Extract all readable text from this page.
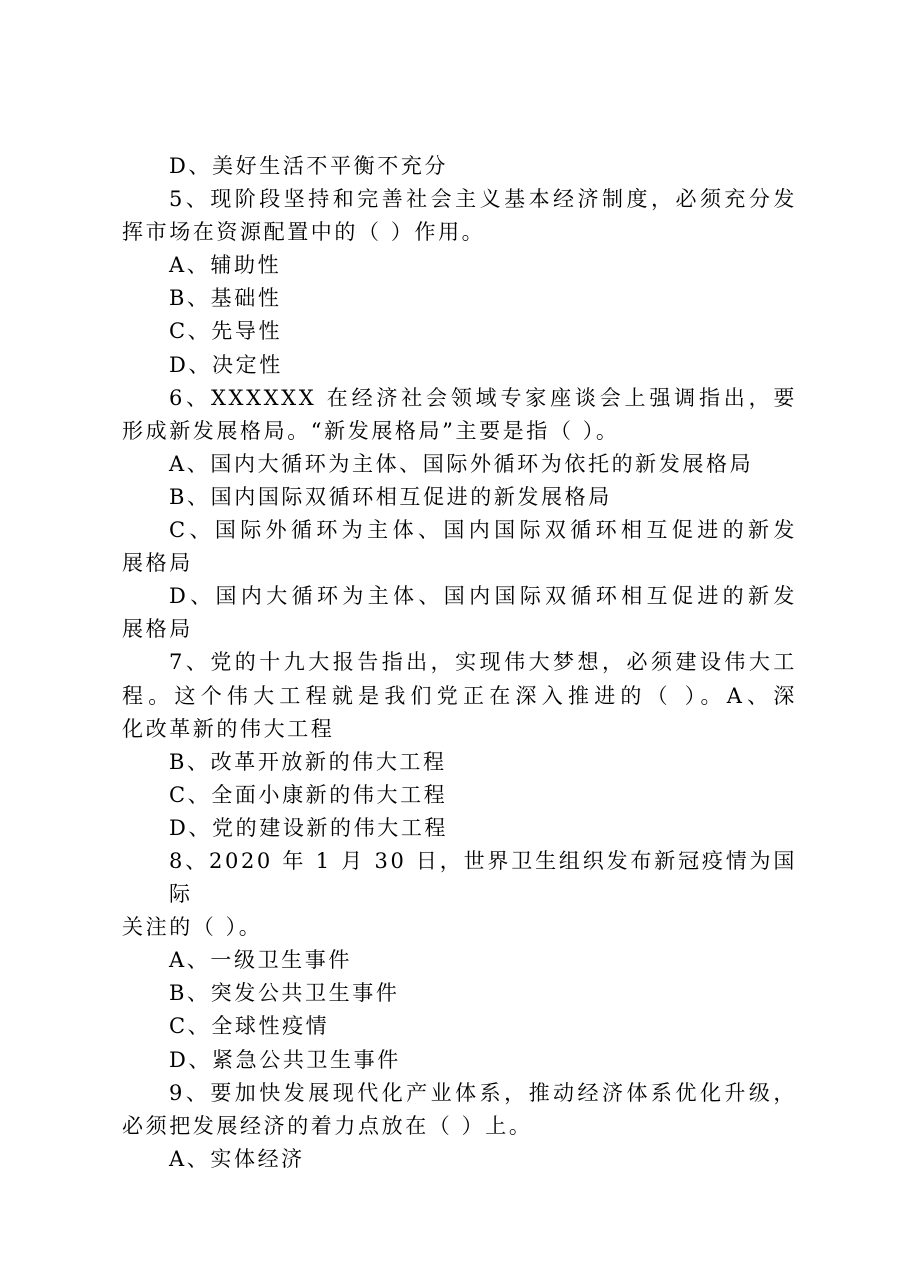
D、美好生活不平衡不充分
5、现阶段坚持和完善社会主义基本经济制度，必须充分发
挥市场在资源配置中的（ ）作用。
A、辅助性
B、基础性
C、先导性
D、决定性
6、XXXXXX 在经济社会领域专家座谈会上强调指出，要
形成新发展格局。“新发展格局”主要是指（ ）。
A、国内大循环为主体、国际外循环为依托的新发展格局
B、国内国际双循环相互促进的新发展格局
C、国际外循环为主体、国内国际双循环相互促进的新发
展格局
D、国内大循环为主体、国内国际双循环相互促进的新发
展格局
7、党的十九大报告指出，实现伟大梦想，必须建设伟大工
程。这个伟大工程就是我们党正在深入推进的（ ）。A、深
化改革新的伟大工程
B、改革开放新的伟大工程
C、全面小康新的伟大工程
D、党的建设新的伟大工程
8、2020 年 1 月 30 日，世界卫生组织发布新冠疫情为国际
关注的（ ）。
A、一级卫生事件
B、突发公共卫生事件
C、全球性疫情
D、紧急公共卫生事件
9、要加快发展现代化产业体系，推动经济体系优化升级，
必须把发展经济的着力点放在（ ）上。
A、实体经济
